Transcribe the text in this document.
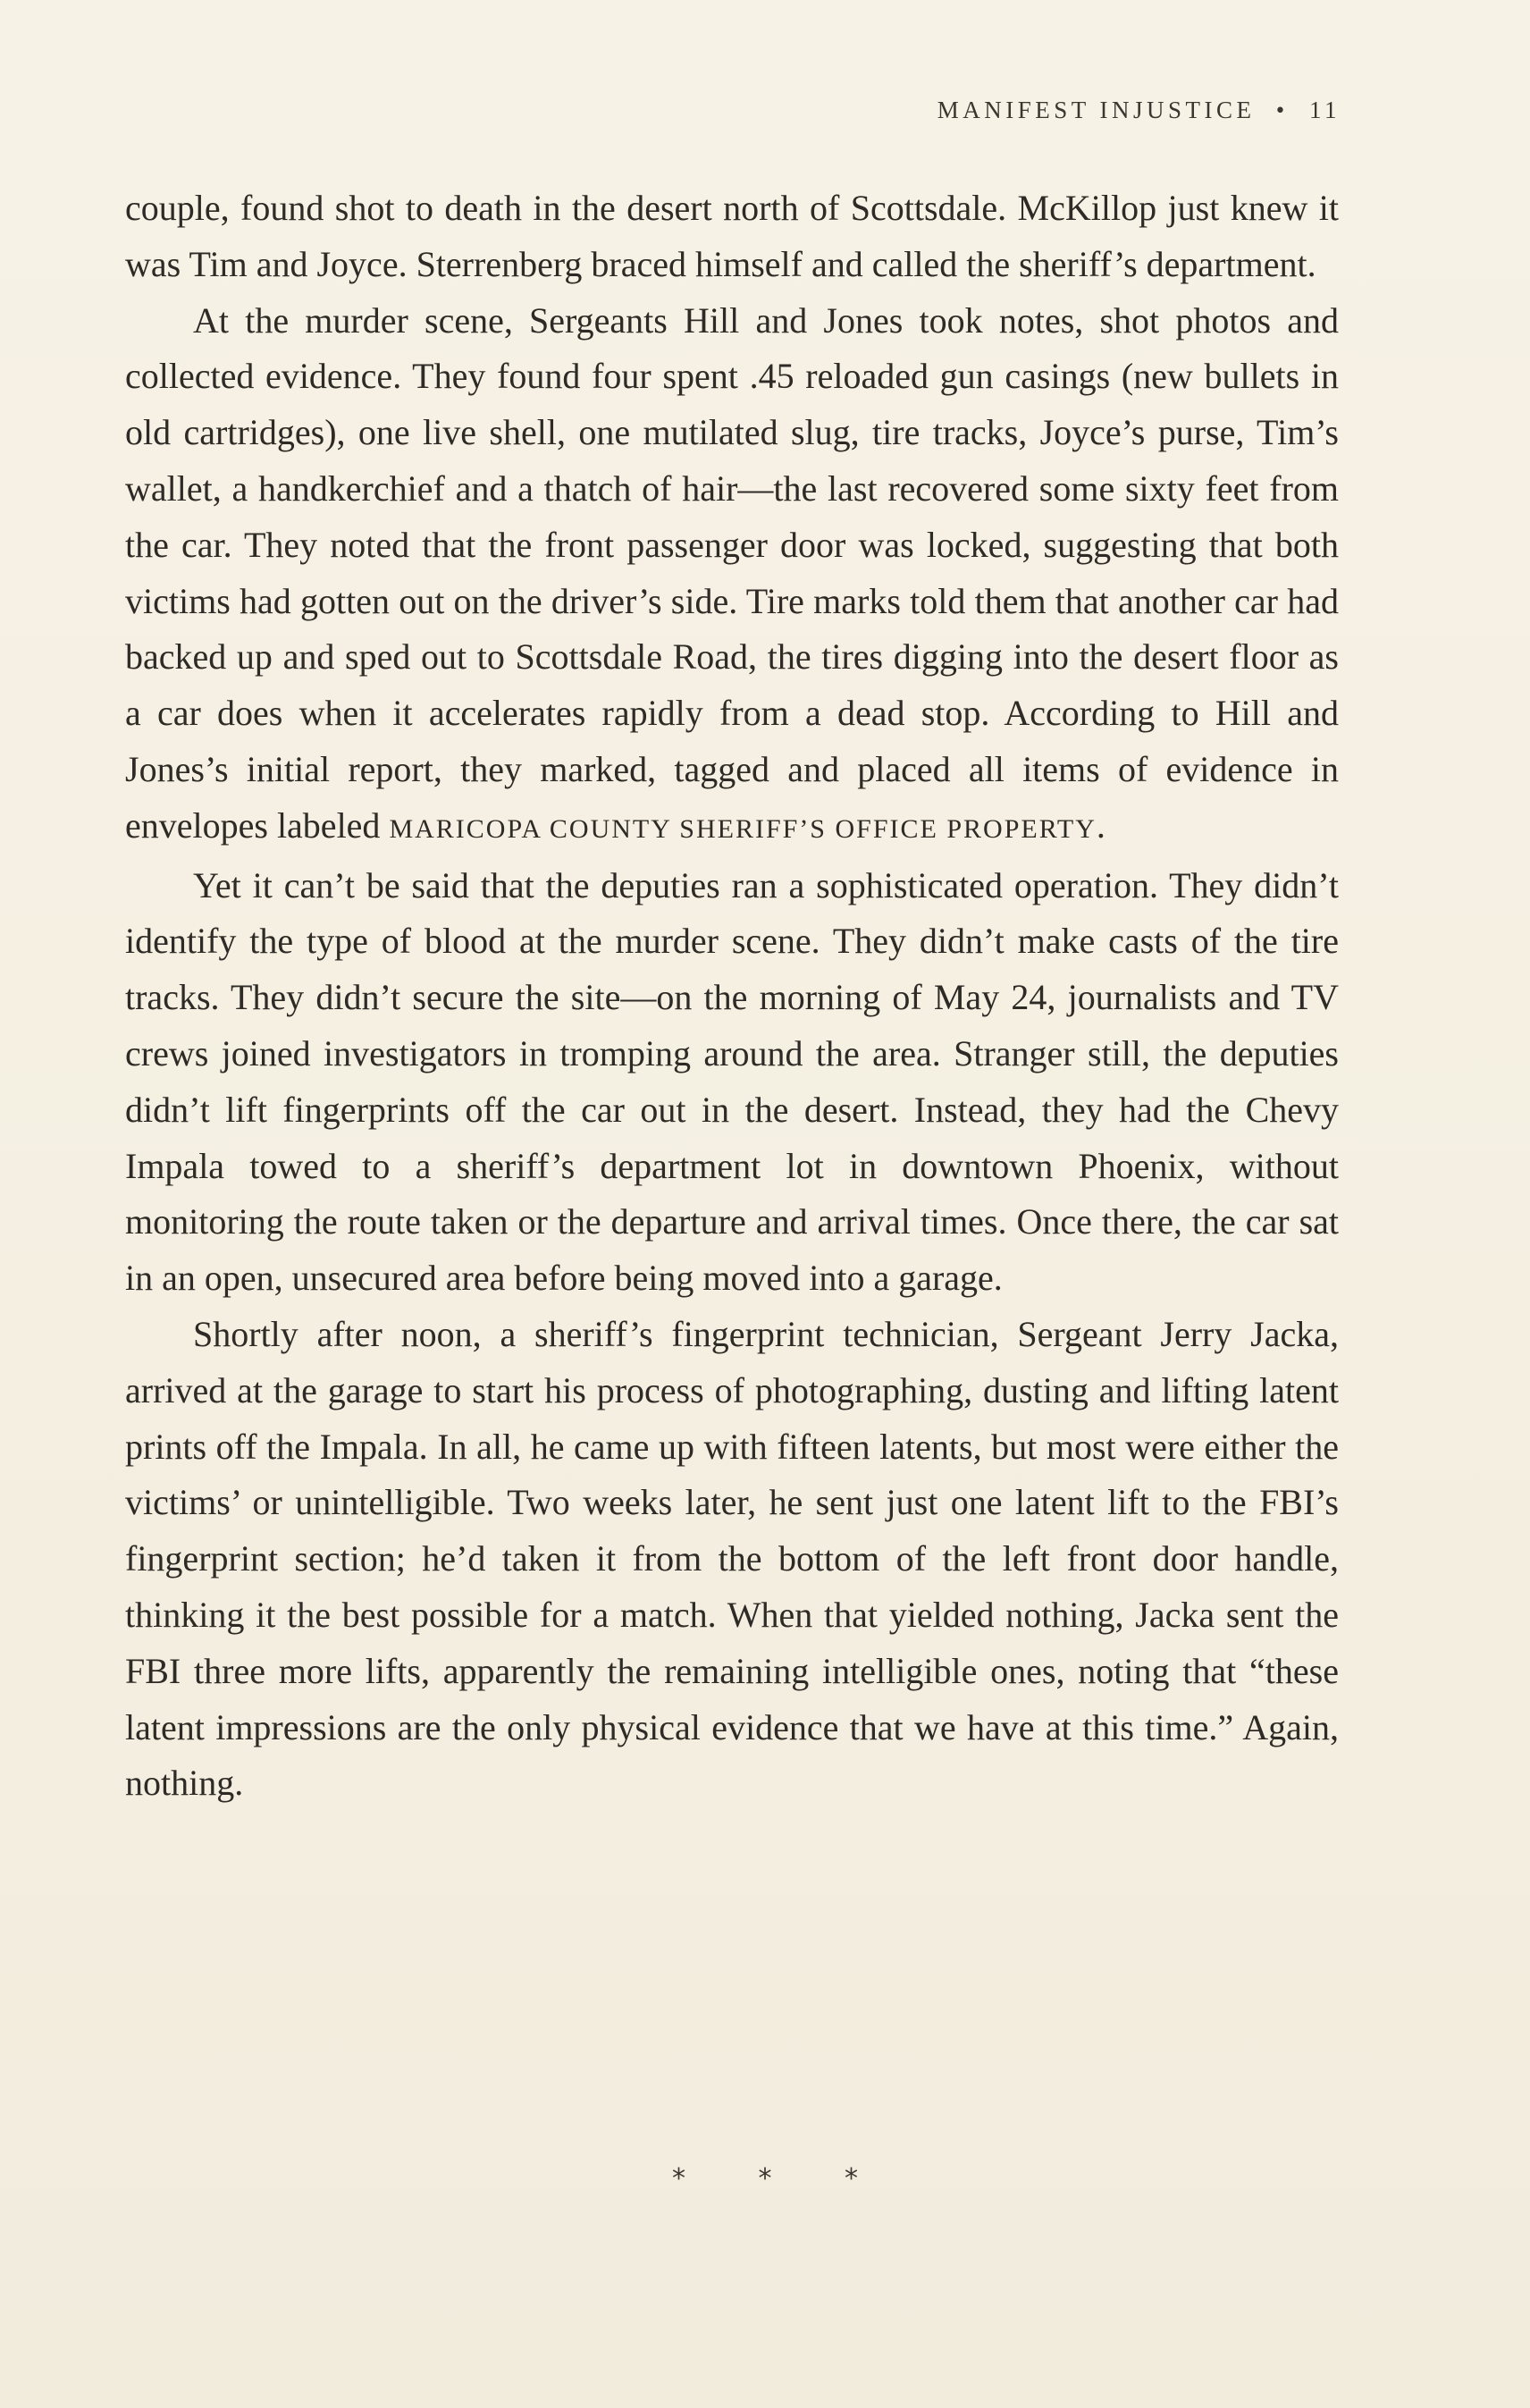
MANIFEST INJUSTICE • 11

couple, found shot to death in the desert north of Scottsdale. McKillop just knew it was Tim and Joyce. Sterrenberg braced himself and called the sheriff’s department.

At the murder scene, Sergeants Hill and Jones took notes, shot photos and collected evidence. They found four spent .45 reloaded gun casings (new bullets in old cartridges), one live shell, one mutilated slug, tire tracks, Joyce’s purse, Tim’s wallet, a handkerchief and a thatch of hair—the last recovered some sixty feet from the car. They noted that the front passenger door was locked, suggesting that both victims had gotten out on the driver’s side. Tire marks told them that another car had backed up and sped out to Scottsdale Road, the tires digging into the desert floor as a car does when it accelerates rapidly from a dead stop. According to Hill and Jones’s initial report, they marked, tagged and placed all items of evidence in envelopes labeled MARICOPA COUNTY SHERIFF’S OFFICE PROPERTY.

Yet it can’t be said that the deputies ran a sophisticated operation. They didn’t identify the type of blood at the murder scene. They didn’t make casts of the tire tracks. They didn’t secure the site—on the morning of May 24, journalists and TV crews joined investigators in tromping around the area. Stranger still, the deputies didn’t lift fingerprints off the car out in the desert. Instead, they had the Chevy Impala towed to a sheriff’s department lot in downtown Phoenix, without monitoring the route taken or the departure and arrival times. Once there, the car sat in an open, unsecured area before being moved into a garage.

Shortly after noon, a sheriff’s fingerprint technician, Sergeant Jerry Jacka, arrived at the garage to start his process of photographing, dusting and lifting latent prints off the Impala. In all, he came up with fifteen latents, but most were either the victims’ or unintelligible. Two weeks later, he sent just one latent lift to the FBI’s fingerprint section; he’d taken it from the bottom of the left front door handle, thinking it the best possible for a match. When that yielded nothing, Jacka sent the FBI three more lifts, apparently the remaining intelligible ones, noting that “these latent impressions are the only physical evidence that we have at this time.” Again, nothing.

* * *
